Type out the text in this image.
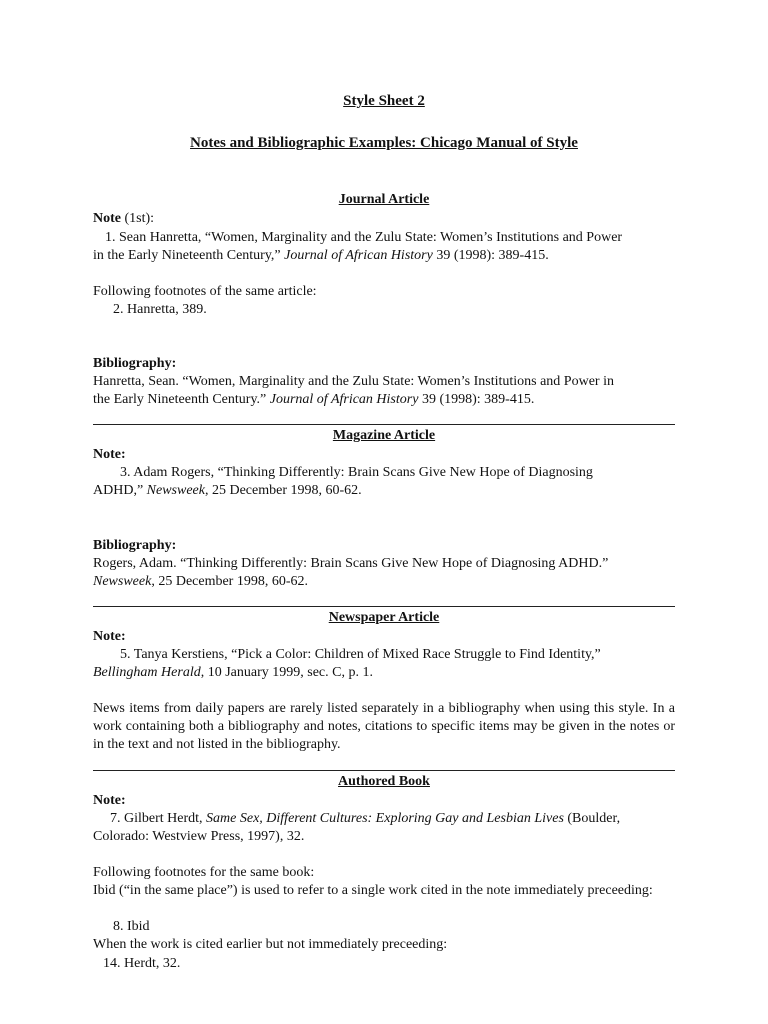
Style Sheet 2
Notes and Bibliographic Examples: Chicago Manual of Style
Journal Article
Note (1st):
1. Sean Hanretta, “Women, Marginality and the Zulu State: Women’s Institutions and Power
in the Early Nineteenth Century,” Journal of African History 39 (1998): 389-415.
Following footnotes of the same article:
2. Hanretta, 389.
Bibliography:
Hanretta, Sean. “Women, Marginality and the Zulu State: Women’s Institutions and Power in
the Early Nineteenth Century.” Journal of African History 39 (1998): 389-415.
Magazine Article
Note:
3. Adam Rogers, “Thinking Differently: Brain Scans Give New Hope of Diagnosing
ADHD,” Newsweek, 25 December 1998, 60-62.
Bibliography:
Rogers, Adam. “Thinking Differently: Brain Scans Give New Hope of Diagnosing ADHD.”
Newsweek, 25 December 1998, 60-62.
Newspaper Article
Note:
5. Tanya Kerstiens, “Pick a Color: Children of Mixed Race Struggle to Find Identity,”
Bellingham Herald, 10 January 1999, sec. C, p. 1.
News items from daily papers are rarely listed separately in a bibliography when using this style. In a work containing both a bibliography and notes, citations to specific items may be given in the notes or in the text and not listed in the bibliography.
Authored Book
Note:
7. Gilbert Herdt, Same Sex, Different Cultures: Exploring Gay and Lesbian Lives (Boulder,
Colorado: Westview Press, 1997), 32.
Following footnotes for the same book:
Ibid (“in the same place”) is used to refer to a single work cited in the note immediately preceeding:
8. Ibid
When the work is cited earlier but not immediately preceeding:
14. Herdt, 32.
